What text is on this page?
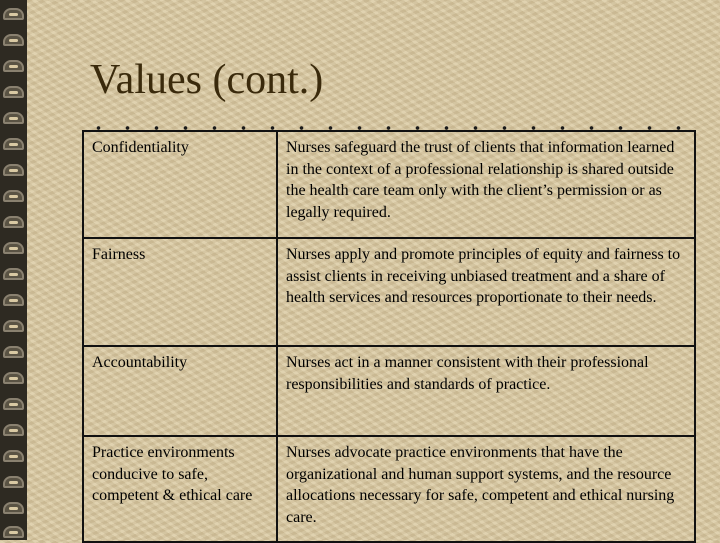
Values (cont.)
Confidentiality	Nurses safeguard the trust of clients that information learned in the context of a professional relationship is shared outside the health care team only with the client’s permission or as legally required.
Fairness	Nurses apply and promote principles of equity and fairness to assist clients in receiving unbiased treatment and a share of health services and resources proportionate to their needs.
Accountability	Nurses act in a manner consistent with their professional responsibilities and standards of practice.
Practice environments conducive to safe, competent & ethical care	Nurses advocate practice environments that have the organizational and human support systems, and the resource allocations necessary for safe, competent and ethical nursing care.
